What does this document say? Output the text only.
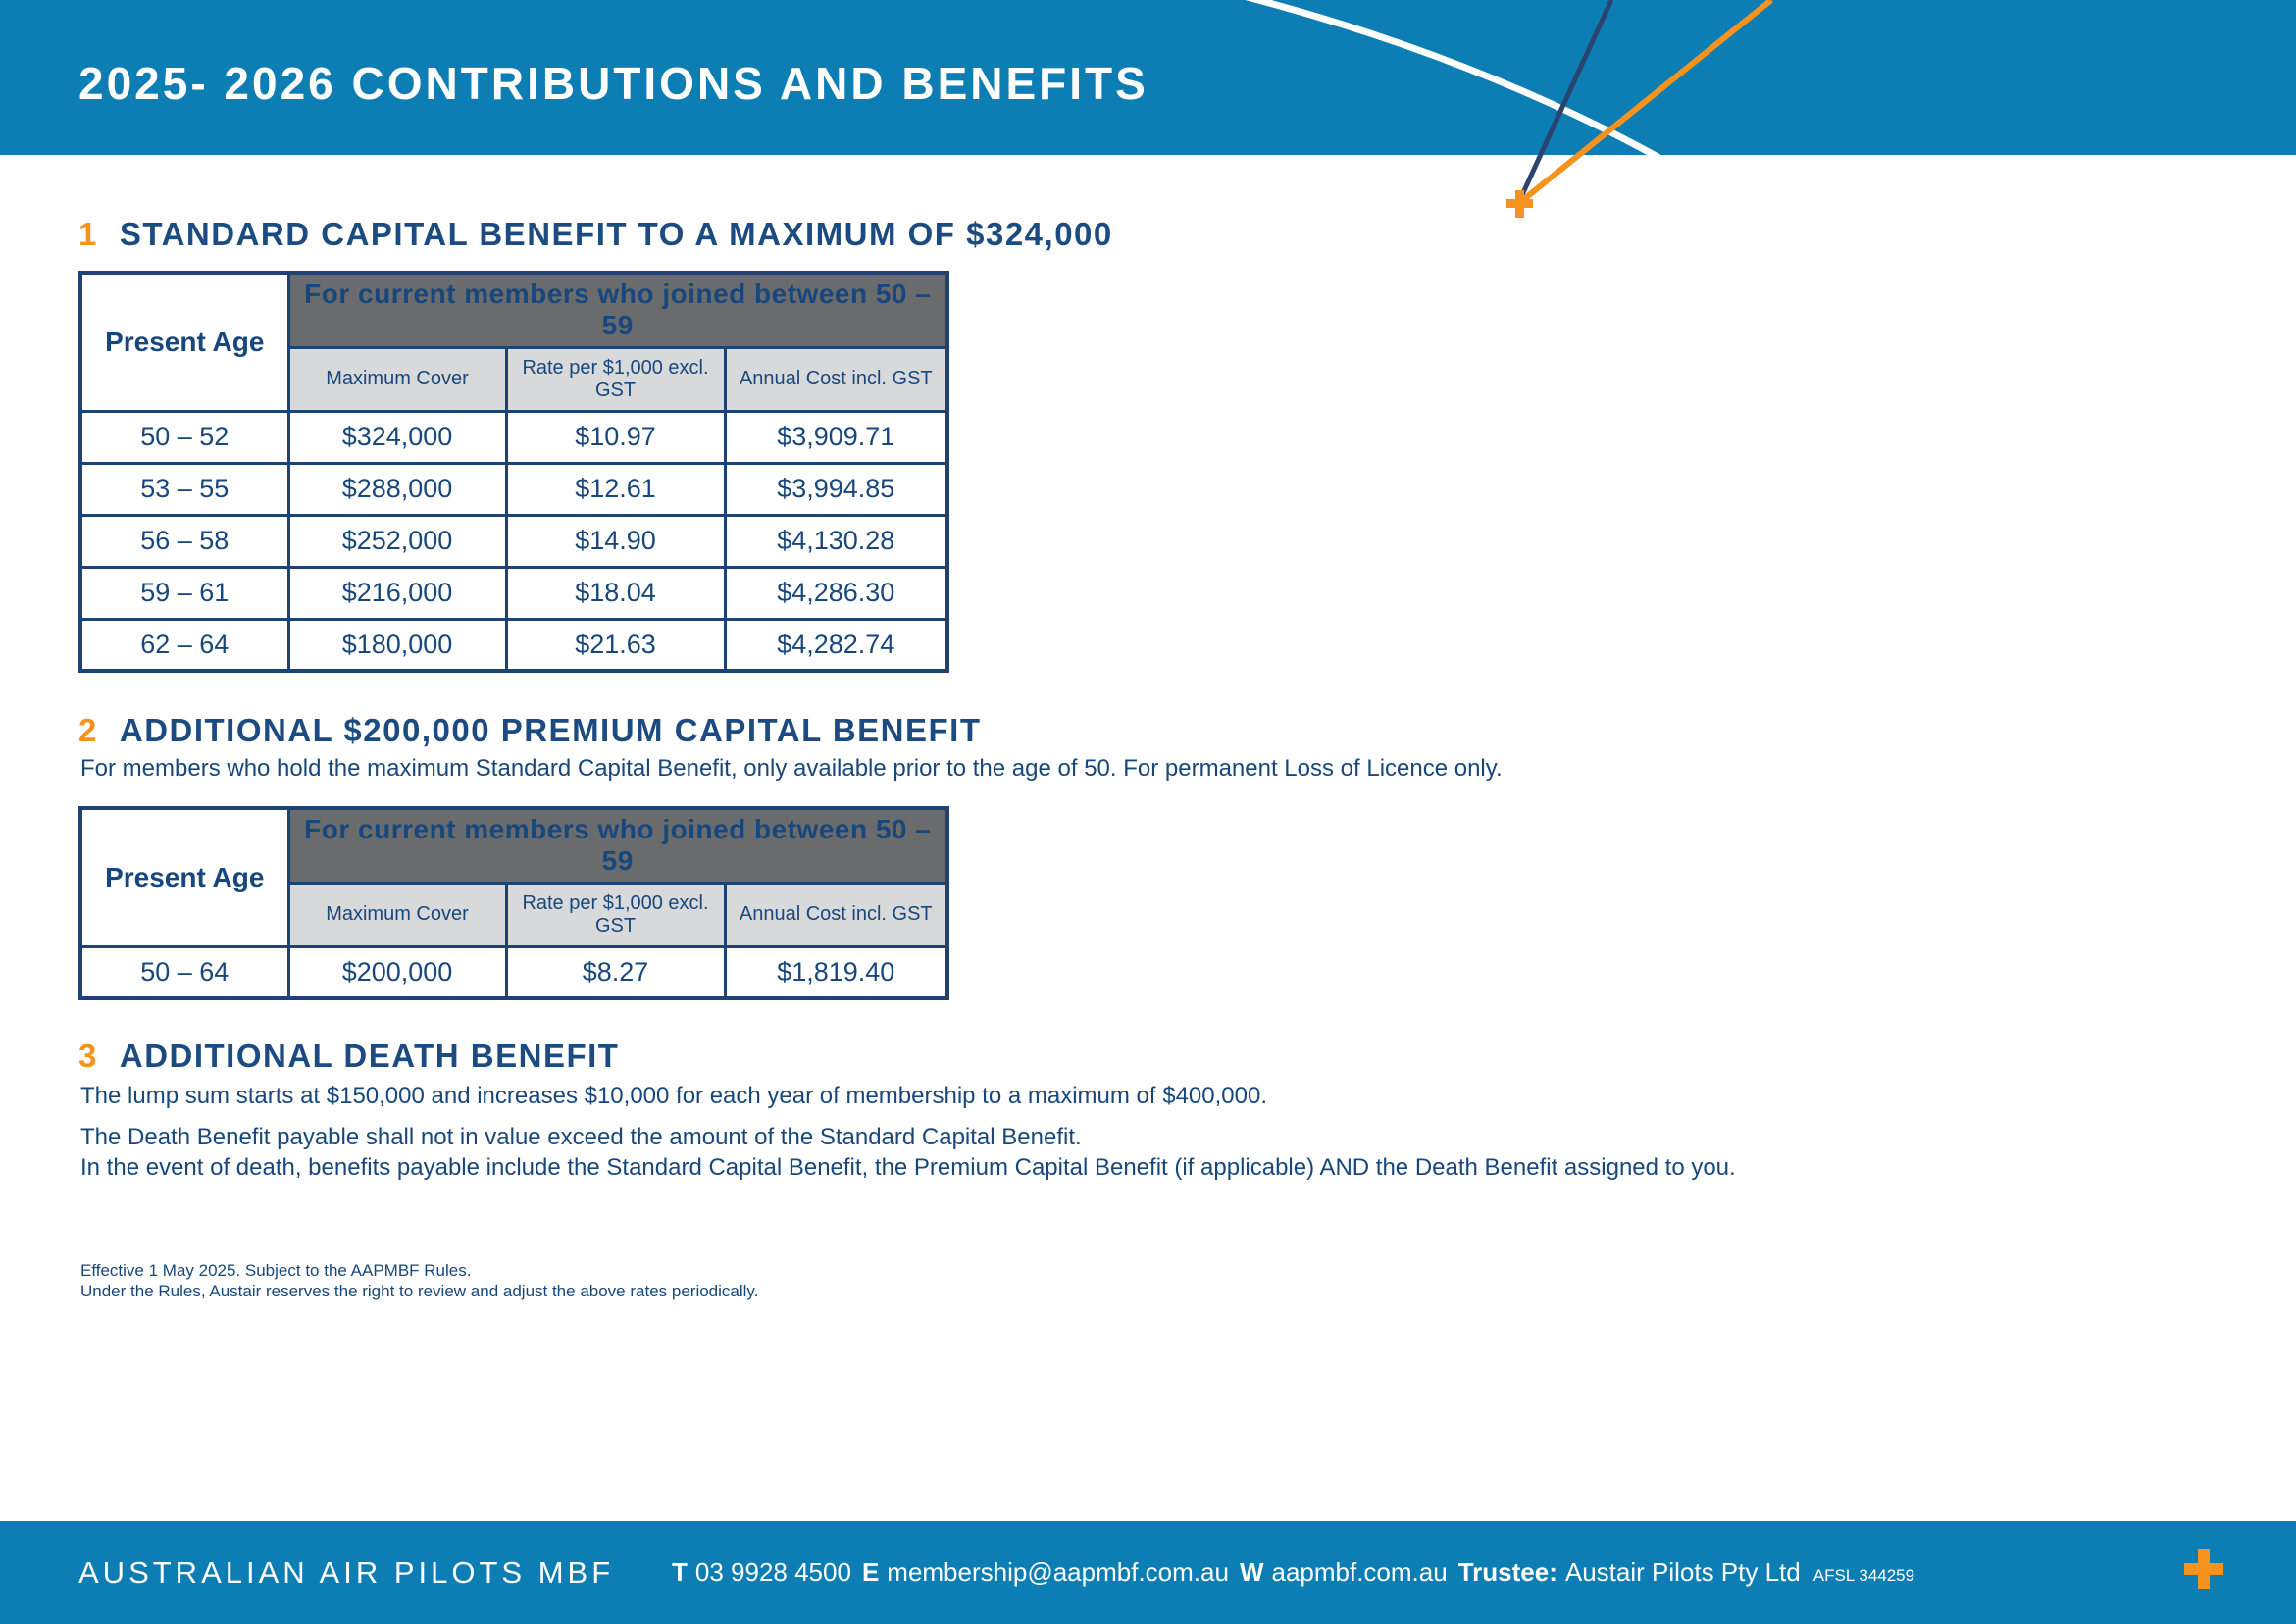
2025- 2026 CONTRIBUTIONS AND BENEFITS
1 STANDARD CAPITAL BENEFIT TO A MAXIMUM OF $324,000
Present Age	For current members who joined between 50 – 59		
	Maximum Cover	Rate per $1,000 excl. GST	Annual Cost incl. GST
50 – 52	$324,000	$10.97	$3,909.71
53 – 55	$288,000	$12.61	$3,994.85
56 – 58	$252,000	$14.90	$4,130.28
59 – 61	$216,000	$18.04	$4,286.30
62 – 64	$180,000	$21.63	$4,282.74
2 ADDITIONAL $200,000 PREMIUM CAPITAL BENEFIT

For members who hold the maximum Standard Capital Benefit, only available prior to the age of 50. For permanent Loss of Licence only.

Present Age	For current members who joined between 50 – 59		
	Maximum Cover	Rate per $1,000 excl. GST	Annual Cost incl. GST
50 – 64	$200,000	$8.27	$1,819.40
3 ADDITIONAL DEATH BENEFIT

The lump sum starts at $150,000 and increases $10,000 for each year of membership to a maximum of $400,000.

The Death Benefit payable shall not in value exceed the amount of the Standard Capital Benefit.

In the event of death, benefits payable include the Standard Capital Benefit, the Premium Capital Benefit (if applicable) AND the Death Benefit assigned to you.

Effective 1 May 2025. Subject to the AAPMBF Rules.

Under the Rules, Austair reserves the right to review and adjust the above rates periodically.

AUSTRALIAN AIR PILOTS MBF T 03 9928 4500 E membership@aapmbf.com.au W aapmbf.com.au Trustee: Austair Pilots Pty Ltd AFSL 344259
